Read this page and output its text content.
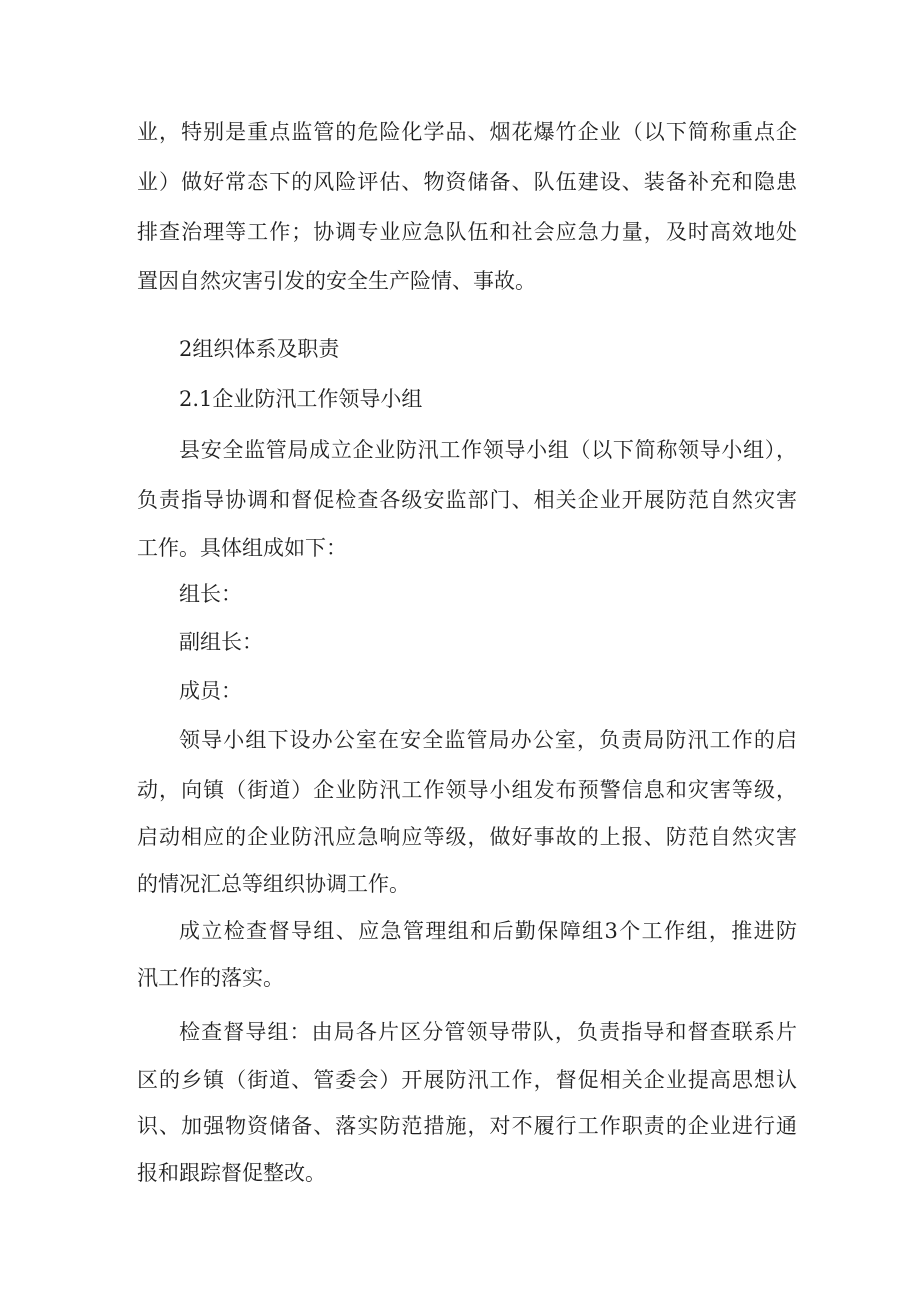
业，特别是重点监管的危险化学品、烟花爆竹企业（以下简称重点企
业）做好常态下的风险评估、物资储备、队伍建设、装备补充和隐患
排查治理等工作；协调专业应急队伍和社会应急力量，及时高效地处
置因自然灾害引发的安全生产险情、事故。
2组织体系及职责
2.1企业防汛工作领导小组
县安全监管局成立企业防汛工作领导小组（以下简称领导小组），
负责指导协调和督促检查各级安监部门、相关企业开展防范自然灾害
工作。具体组成如下：
组长：
副组长：
成员：
领导小组下设办公室在安全监管局办公室，负责局防汛工作的启
动，向镇（街道）企业防汛工作领导小组发布预警信息和灾害等级，
启动相应的企业防汛应急响应等级，做好事故的上报、防范自然灾害
的情况汇总等组织协调工作。
成立检查督导组、应急管理组和后勤保障组3个工作组，推进防
汛工作的落实。
检查督导组：由局各片区分管领导带队，负责指导和督查联系片
区的乡镇（街道、管委会）开展防汛工作，督促相关企业提高思想认
识、加强物资储备、落实防范措施，对不履行工作职责的企业进行通
报和跟踪督促整改。
